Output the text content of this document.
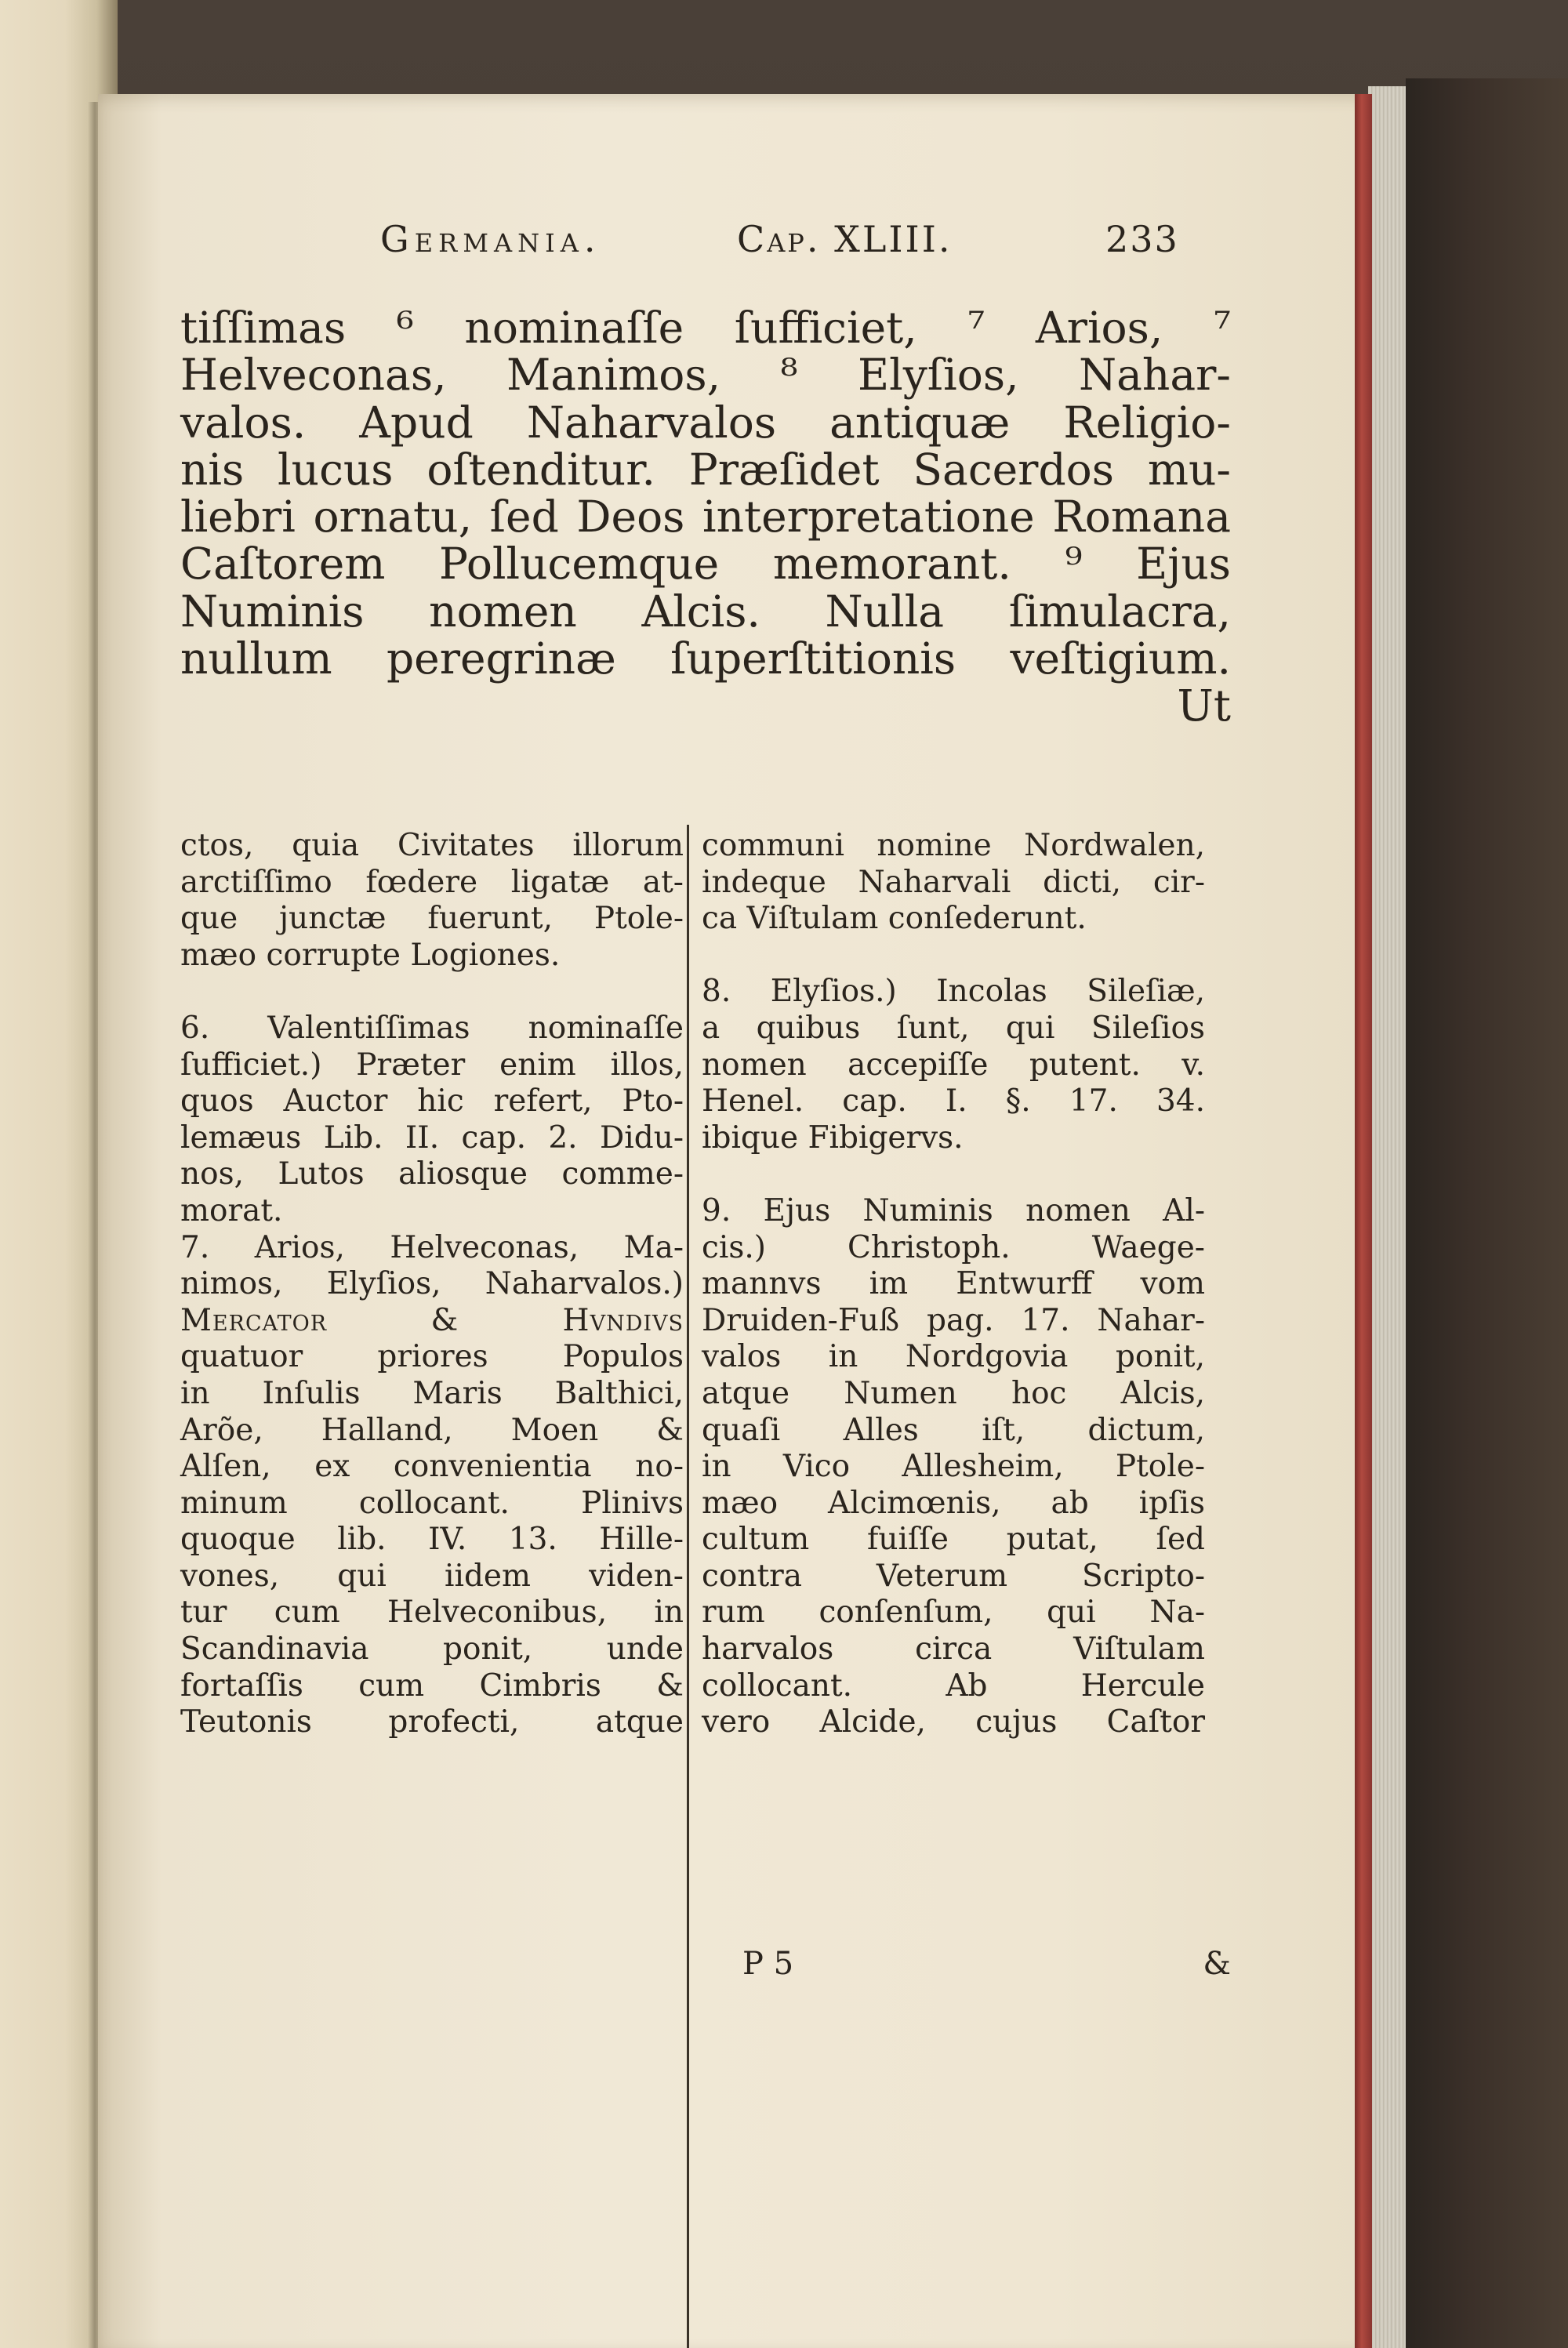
Germania.	Cap. XLIII.	233
tiſſimas ⁶ nominaſſe ſufficiet, ⁷ Arios, ⁷
Helveconas, Manimos, ⁸ Elyſios, Nahar-
valos. Apud Naharvalos antiquæ Religio-
nis lucus oſtenditur. Præſidet Sacerdos mu-
liebri ornatu, ſed Deos interpretatione Romana
Caſtorem Pollucemque memorant. ⁹ Ejus
Numinis nomen Alcis. Nulla ſimulacra,
nullum peregrinæ ſuperſtitionis veſtigium.
Ut
ctos, quia Civitates illorum
arctiſſimo fœdere ligatæ at-
que junctæ fuerunt, Ptole-
mæo corrupte Logiones.
6. Valentiſſimas nominaſſe
ſufficiet.) Præter enim illos,
quos Auctor hic refert, Pto-
lemæus Lib. II. cap. 2. Didu-
nos, Lutos aliosque comme-
morat.
7. Arios, Helveconas, Ma-
nimos, Elyſios, Naharvalos.)
Mercator & Hvndivs
quatuor priores Populos
in Inſulis Maris Balthici,
Arõe, Halland, Moen &
Alſen, ex convenientia no-
minum collocant. Plinivs
quoque lib. IV. 13. Hille-
vones, qui iidem viden-
tur cum Helveconibus, in
Scandinavia ponit, unde
fortaſſis cum Cimbris &
Teutonis profecti, atque
communi nomine Nordwalen,
indeque Naharvali dicti, cir-
ca Viſtulam conſederunt.
8. Elyſios.) Incolas Sileſiæ,
a quibus ſunt, qui Sileſios
nomen accepiſſe putent. v.
Henel. cap. I. §. 17. 34.
ibique Fibigervs.
9. Ejus Numinis nomen Al-
cis.) Christoph. Waege-
mannvs im Entwurff vom
Druiden-Fuß pag. 17. Nahar-
valos in Nordgovia ponit,
atque Numen hoc Alcis,
quaſi Alles iſt, dictum,
in Vico Allesheim, Ptole-
mæo Alcimœnis, ab ipſis
cultum fuiſſe putat, ſed
contra Veterum Scripto-
rum conſenſum, qui Na-
harvalos circa Viſtulam
collocant. Ab Hercule
vero Alcide, cujus Caſtor
P 5	&
